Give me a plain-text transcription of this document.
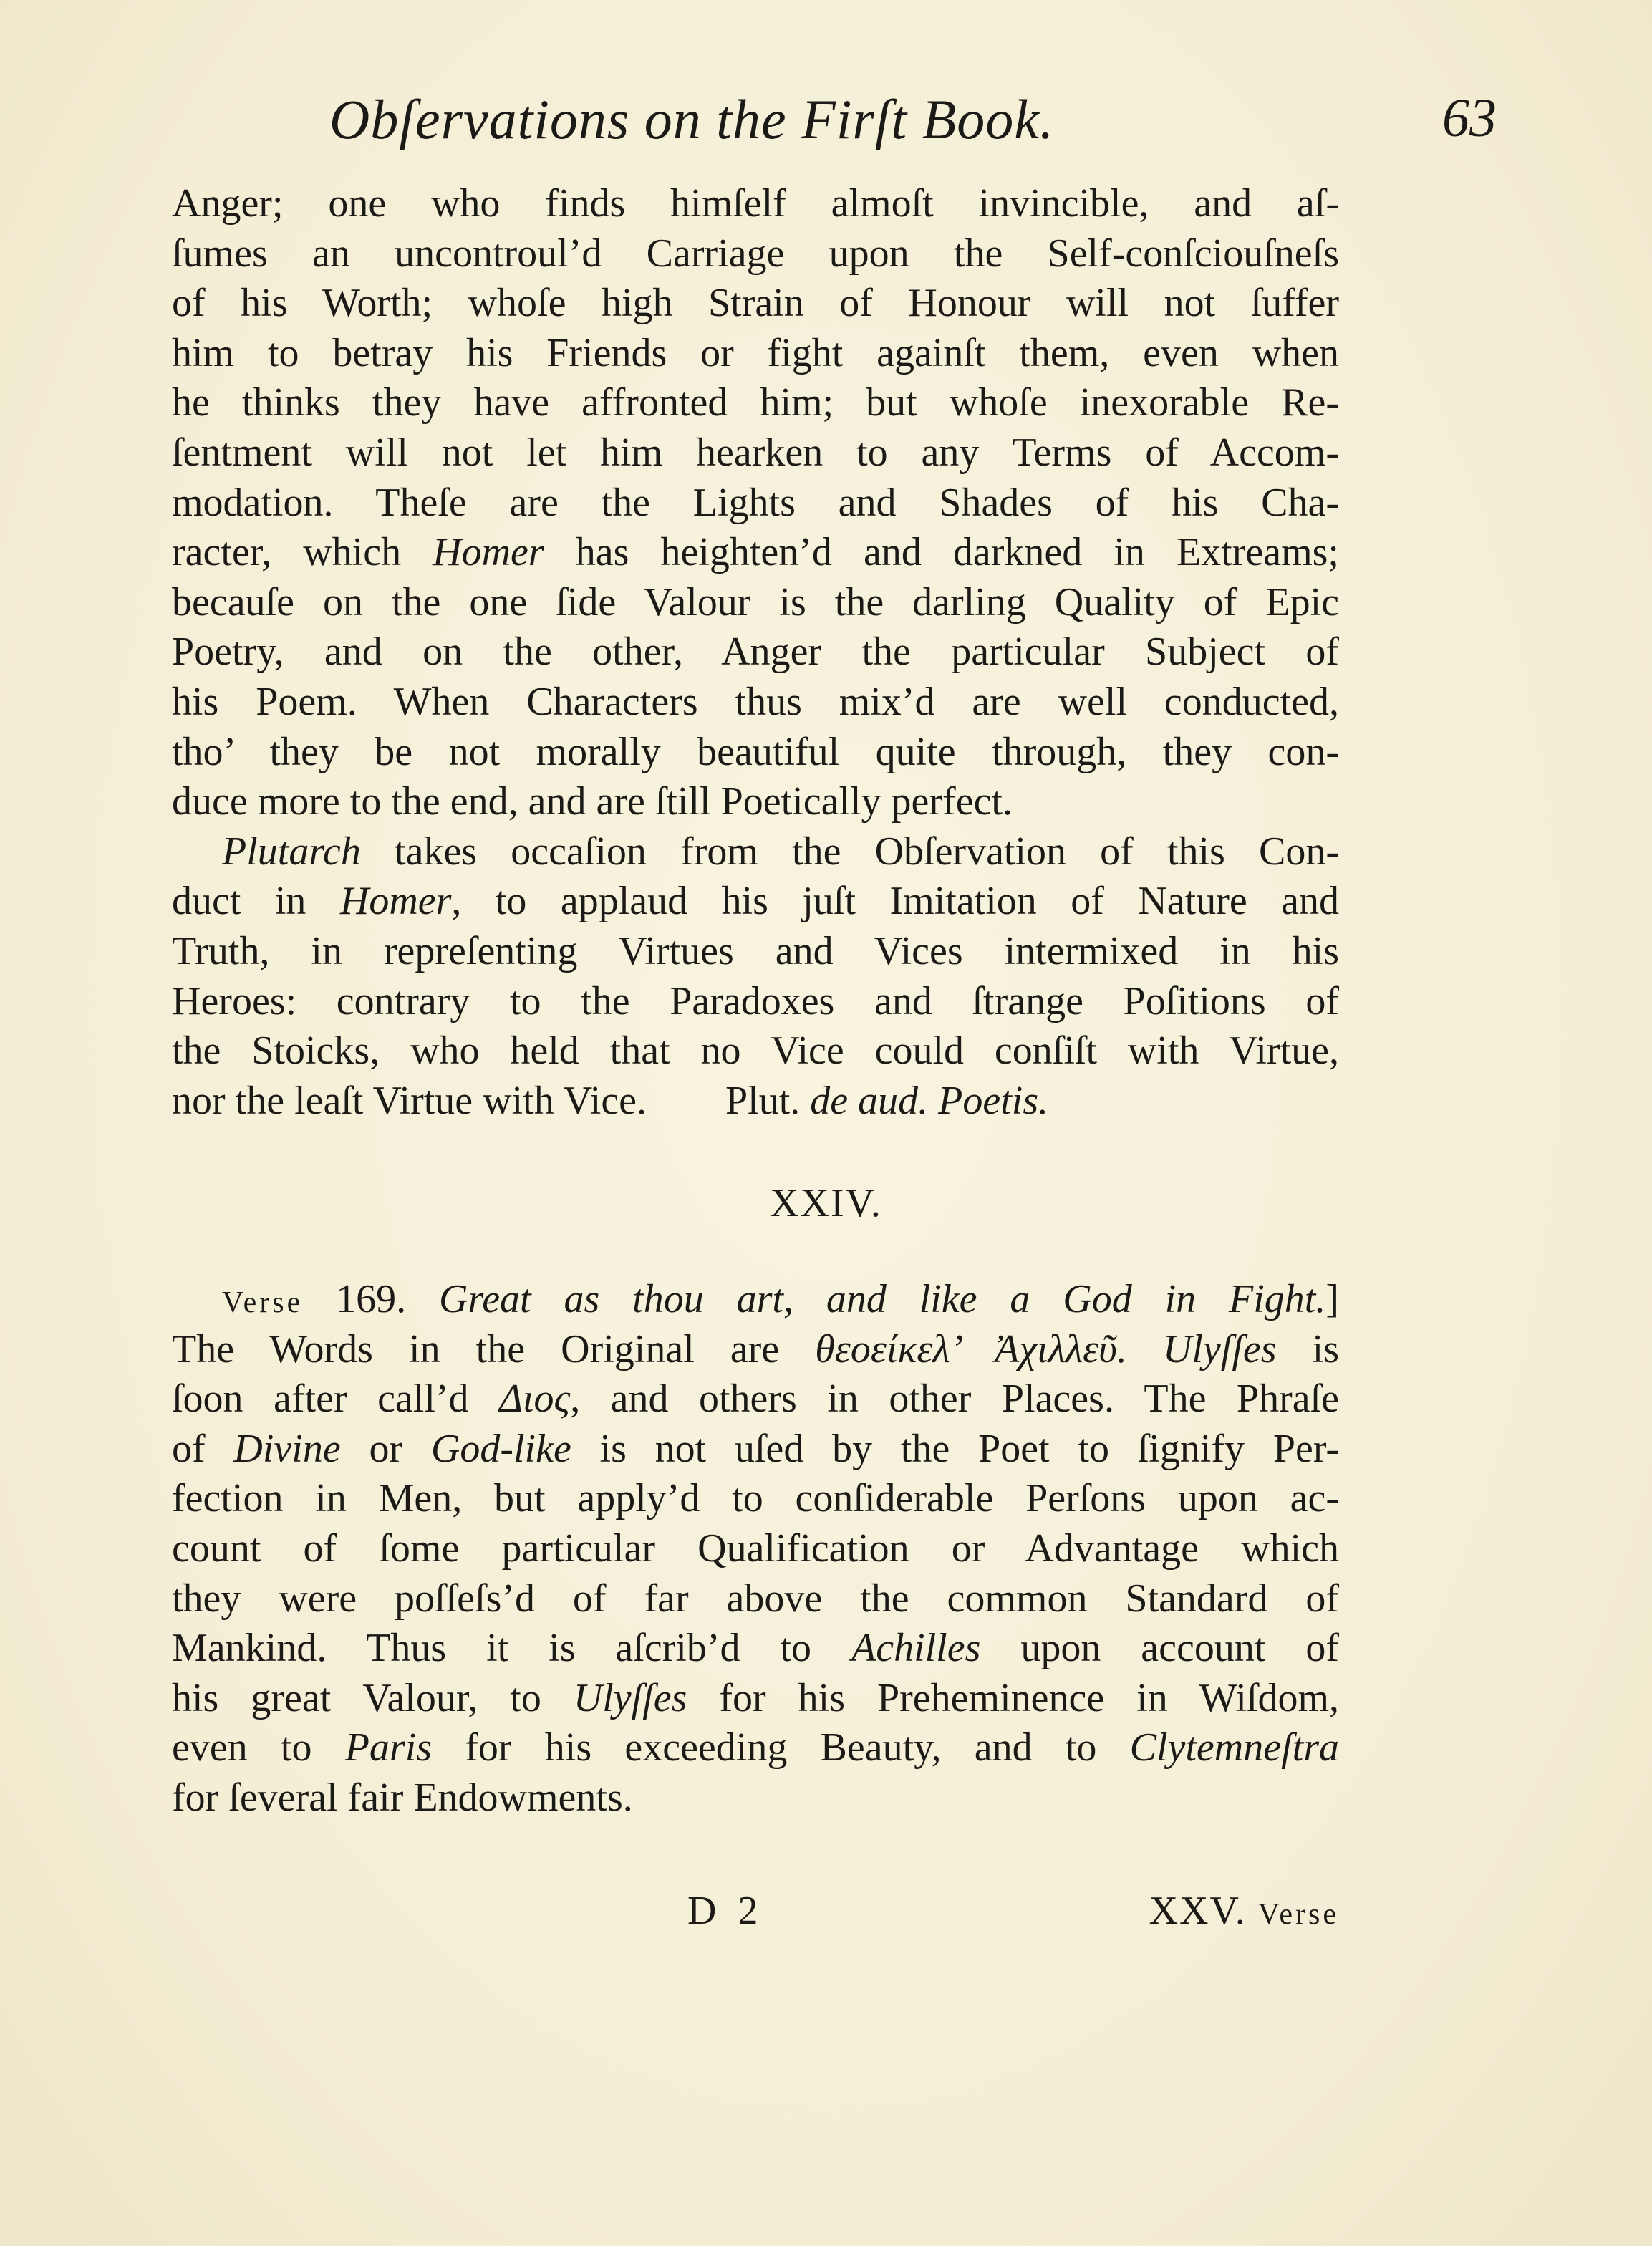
Obſervations on the Firſt Book.	63
Anger; one who finds himſelf almoſt invincible, and aſ-
ſumes an uncontroul’d Carriage upon the Self-conſciouſneſs
of his Worth; whoſe high Strain of Honour will not ſuffer
him to betray his Friends or fight againſt them, even when
he thinks they have affronted him; but whoſe inexorable Re-
ſentment will not let him hearken to any Terms of Accom-
modation. Theſe are the Lights and Shades of his Cha-
racter, which Homer has heighten’d and darkned in Extreams;
becauſe on the one ſide Valour is the darling Quality of Epic
Poetry, and on the other, Anger the particular Subject of
his Poem. When Characters thus mix’d are well conducted,
tho’ they be not morally beautiful quite through, they con-
duce more to the end, and are ſtill Poetically perfect.
Plutarch takes occaſion from the Obſervation of this Con-
duct in Homer, to applaud his juſt Imitation of Nature and
Truth, in repreſenting Virtues and Vices intermixed in his
Heroes: contrary to the Paradoxes and ſtrange Poſitions of
the Stoicks, who held that no Vice could conſiſt with Virtue,
nor the leaſt Virtue with Vice. Plut. de aud. Poetis.
XXIV.
Verse 169. Great as thou art, and like a God in Fight.]
The Words in the Original are θεοείκελ’ Ἀχιλλεῦ. Ulyſſes is
ſoon after call’d Διος, and others in other Places. The Phraſe
of Divine or God-like is not uſed by the Poet to ſignify Per-
fection in Men, but apply’d to conſiderable Perſons upon ac-
count of ſome particular Qualification or Advantage which
they were poſſeſs’d of far above the common Standard of
Mankind. Thus it is aſcrib’d to Achilles upon account of
his great Valour, to Ulyſſes for his Preheminence in Wiſdom,
even to Paris for his exceeding Beauty, and to Clytemneſtra
for ſeveral fair Endowments.
D 2	XXV. Verse
